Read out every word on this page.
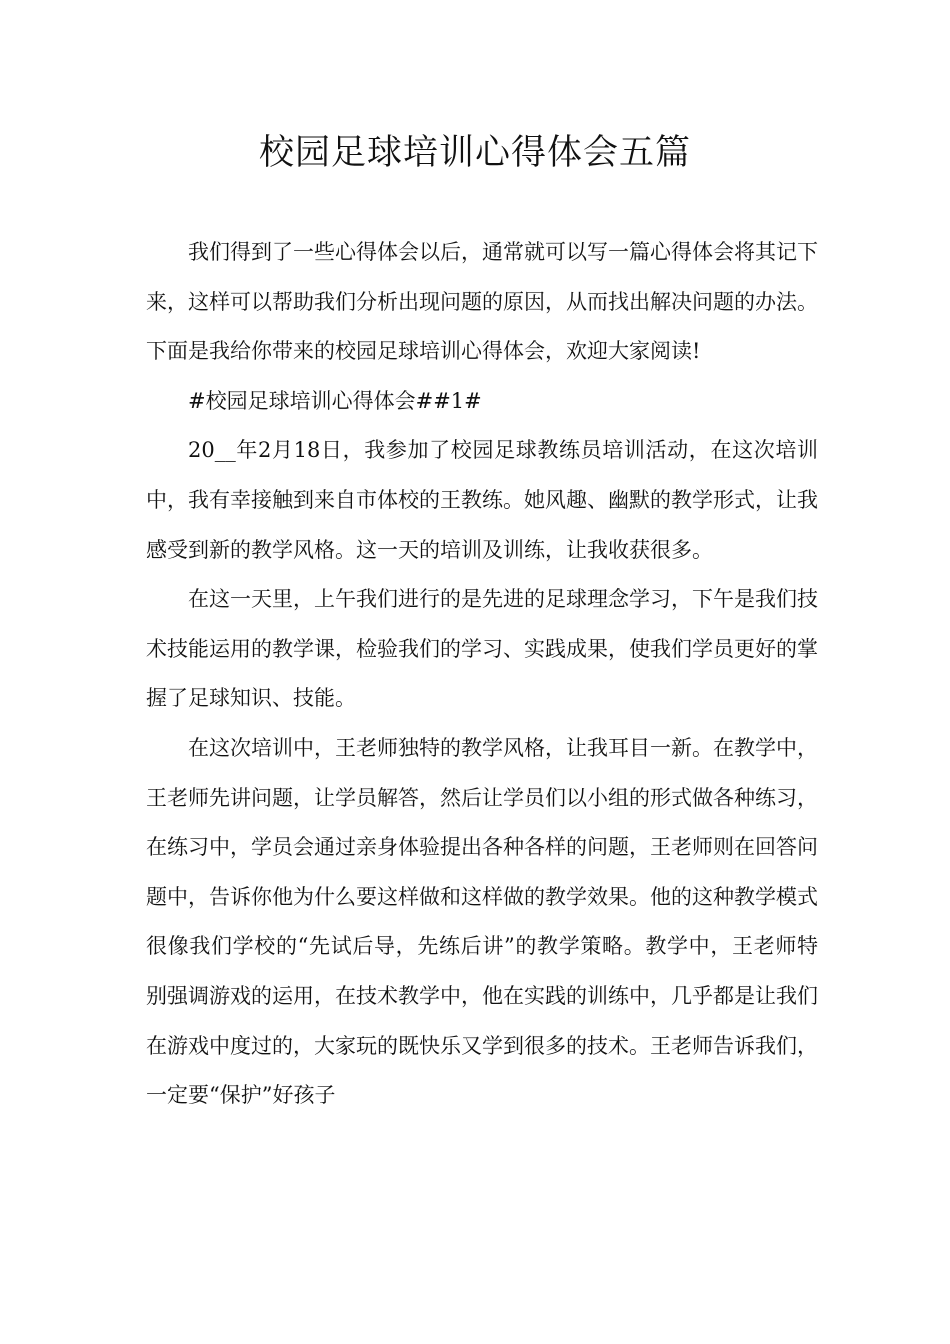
校园足球培训心得体会五篇

我们得到了一些心得体会以后，通常就可以写一篇心得体会将其记下来，这样可以帮助我们分析出现问题的原因，从而找出解决问题的办法。下面是我给你带来的校园足球培训心得体会，欢迎大家阅读!

#校园足球培训心得体会##1#

20__年2月18日，我参加了校园足球教练员培训活动，在这次培训中，我有幸接触到来自市体校的王教练。她风趣、幽默的教学形式，让我感受到新的教学风格。这一天的培训及训练，让我收获很多。

在这一天里，上午我们进行的是先进的足球理念学习，下午是我们技术技能运用的教学课，检验我们的学习、实践成果，使我们学员更好的掌握了足球知识、技能。

在这次培训中，王老师独特的教学风格，让我耳目一新。在教学中，王老师先讲问题，让学员解答，然后让学员们以小组的形式做各种练习，在练习中，学员会通过亲身体验提出各种各样的问题，王老师则在回答问题中，告诉你他为什么要这样做和这样做的教学效果。他的这种教学模式很像我们学校的“先试后导，先练后讲”的教学策略。教学中，王老师特别强调游戏的运用，在技术教学中，他在实践的训练中，几乎都是让我们在游戏中度过的，大家玩的既快乐又学到很多的技术。王老师告诉我们，一定要“保护”好孩子
